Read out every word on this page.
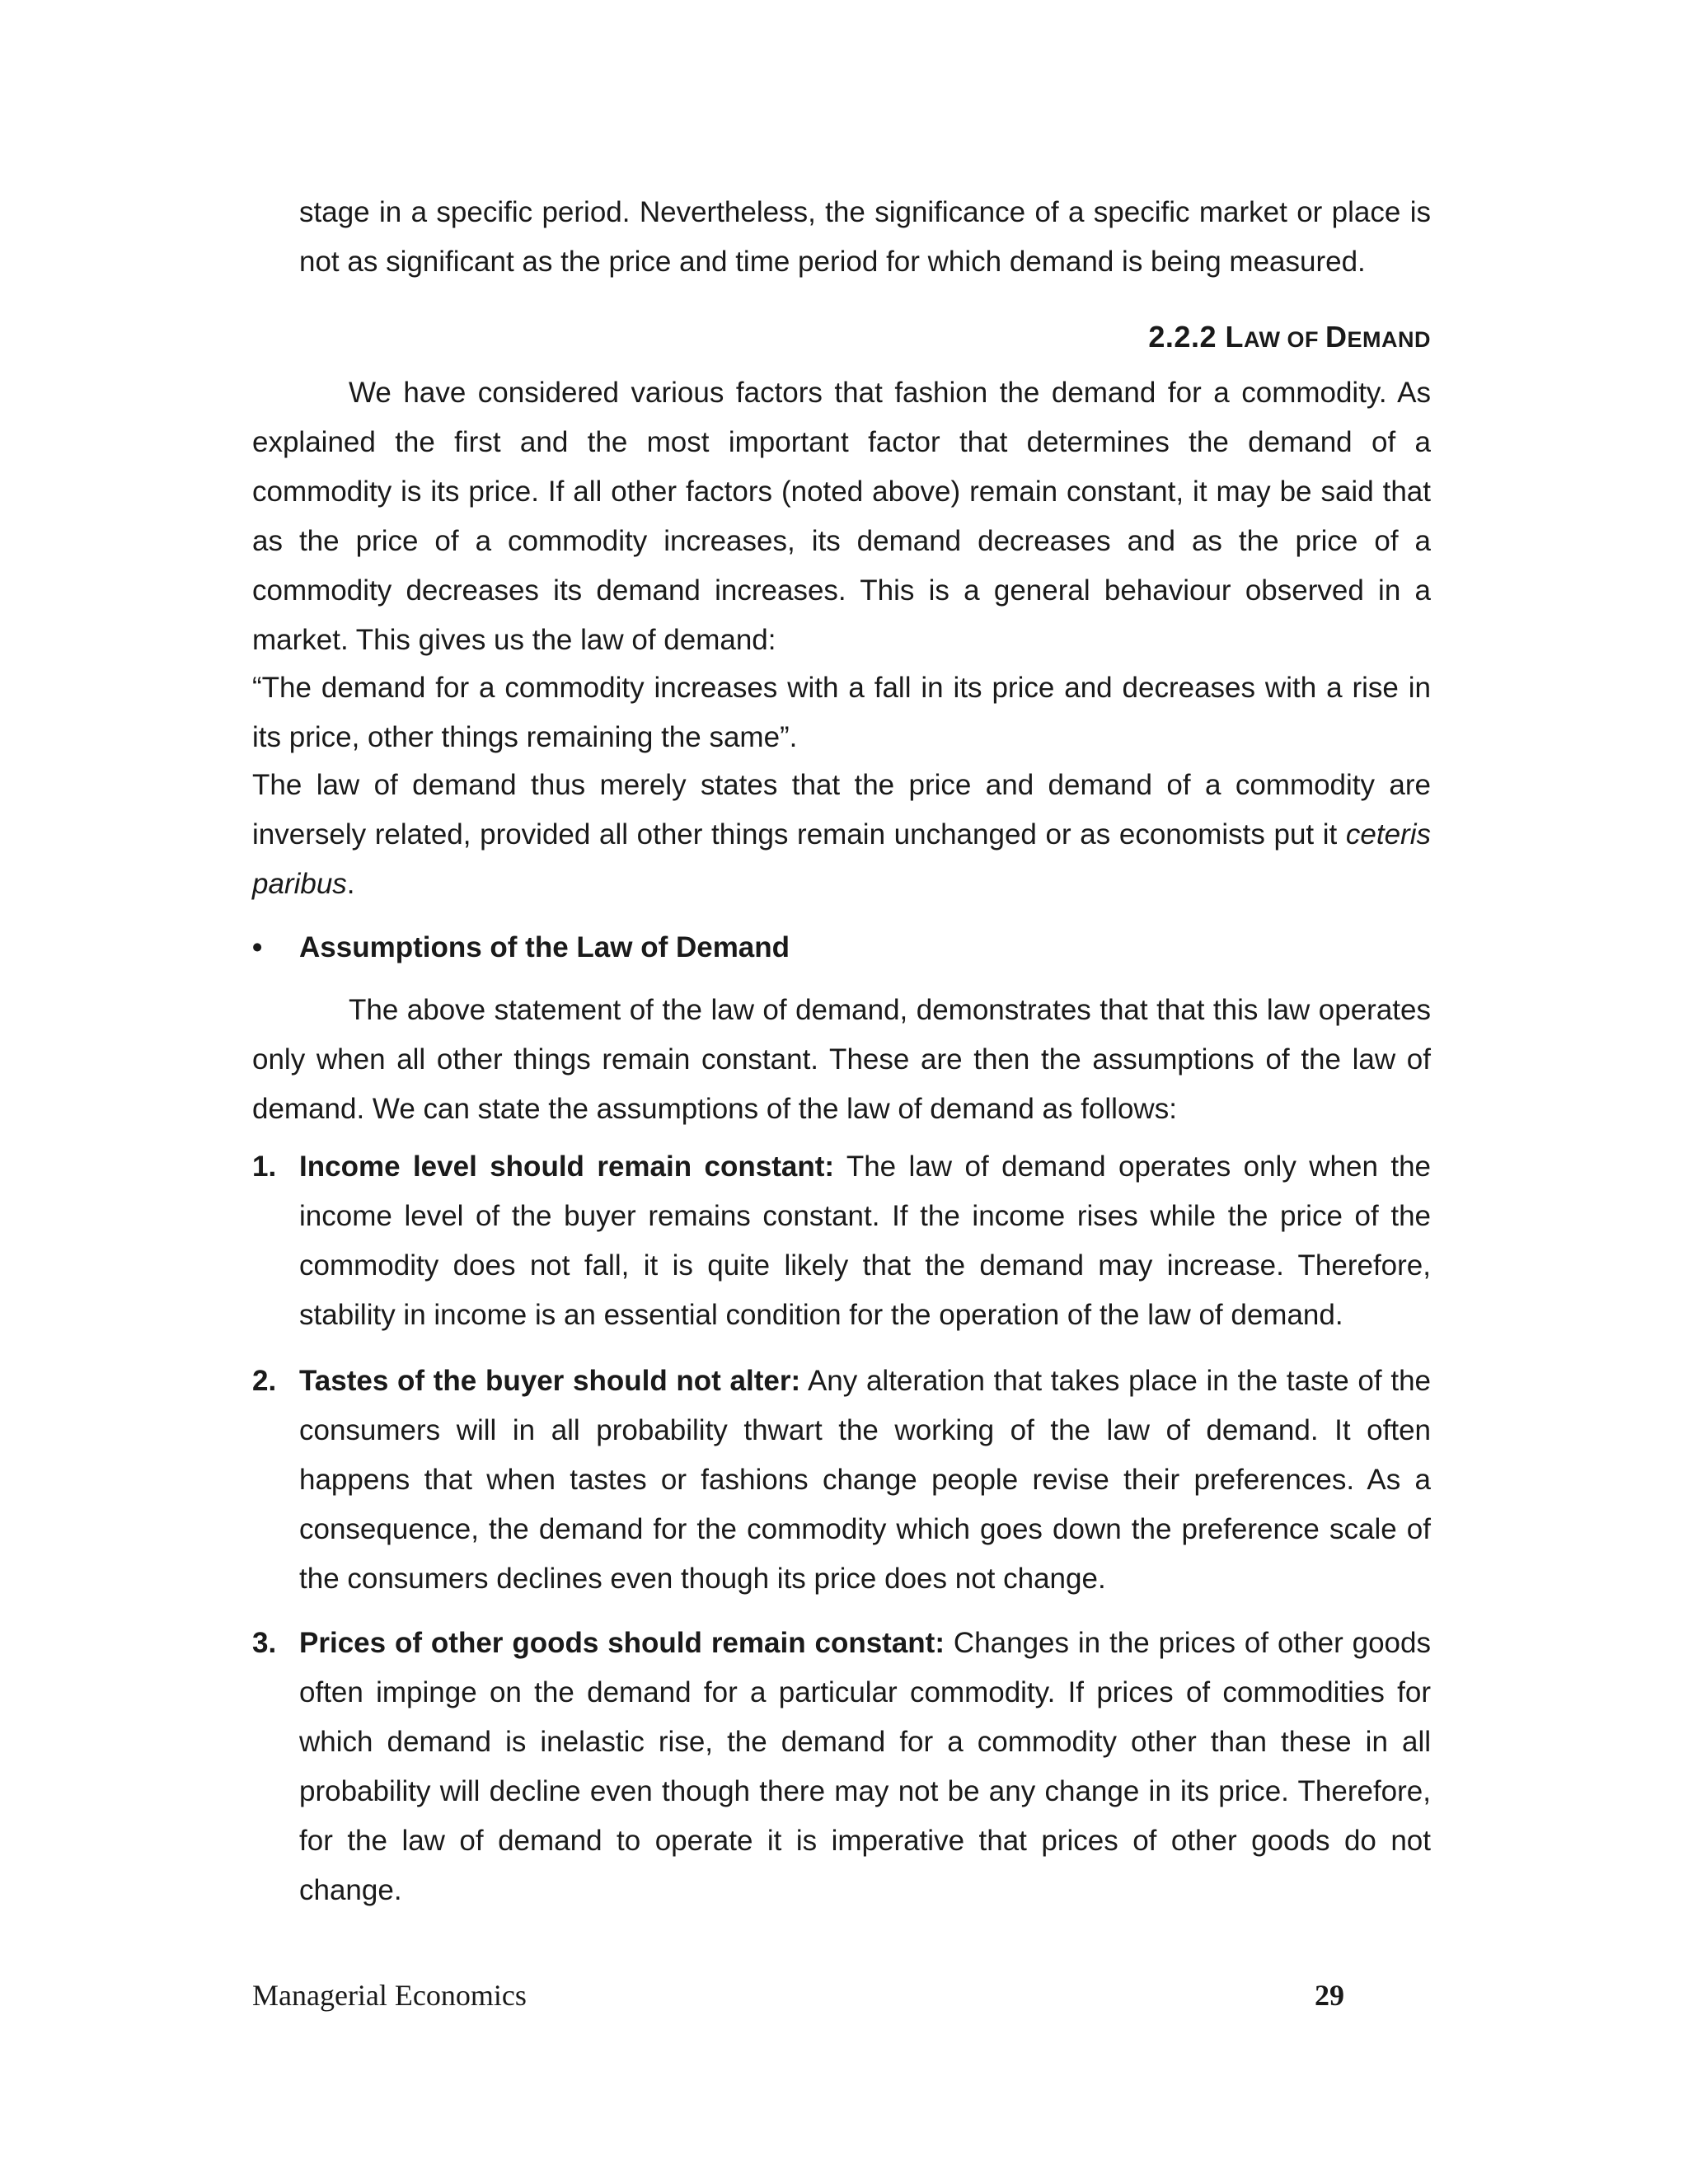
stage in a specific period. Nevertheless, the significance of a specific market or place is not as significant as the price and time period for which demand is being measured.
2.2.2 LAW OF DEMAND
We have considered various factors that fashion the demand for a commodity. As explained the first and the most important factor that determines the demand of a commodity is its price. If all other factors (noted above) remain constant, it may be said that as the price of a commodity increases, its demand decreases and as the price of a commodity decreases its demand increases. This is a general behaviour observed in a market. This gives us the law of demand:
“The demand for a commodity increases with a fall in its price and decreases with a rise in its price, other things remaining the same”.
The law of demand thus merely states that the price and demand of a commodity are inversely related, provided all other things remain unchanged or as economists put it ceteris paribus.
• Assumptions of the Law of Demand
The above statement of the law of demand, demonstrates that that this law operates only when all other things remain constant. These are then the assumptions of the law of demand. We can state the assumptions of the law of demand as follows:
1. Income level should remain constant: The law of demand operates only when the income level of the buyer remains constant. If the income rises while the price of the commodity does not fall, it is quite likely that the demand may increase. Therefore, stability in income is an essential condition for the operation of the law of demand.
2. Tastes of the buyer should not alter: Any alteration that takes place in the taste of the consumers will in all probability thwart the working of the law of demand. It often happens that when tastes or fashions change people revise their preferences. As a consequence, the demand for the commodity which goes down the preference scale of the consumers declines even though its price does not change.
3. Prices of other goods should remain constant: Changes in the prices of other goods often impinge on the demand for a particular commodity. If prices of commodities for which demand is inelastic rise, the demand for a commodity other than these in all probability will decline even though there may not be any change in its price. Therefore, for the law of demand to operate it is imperative that prices of other goods do not change.
Managerial Economics	29
